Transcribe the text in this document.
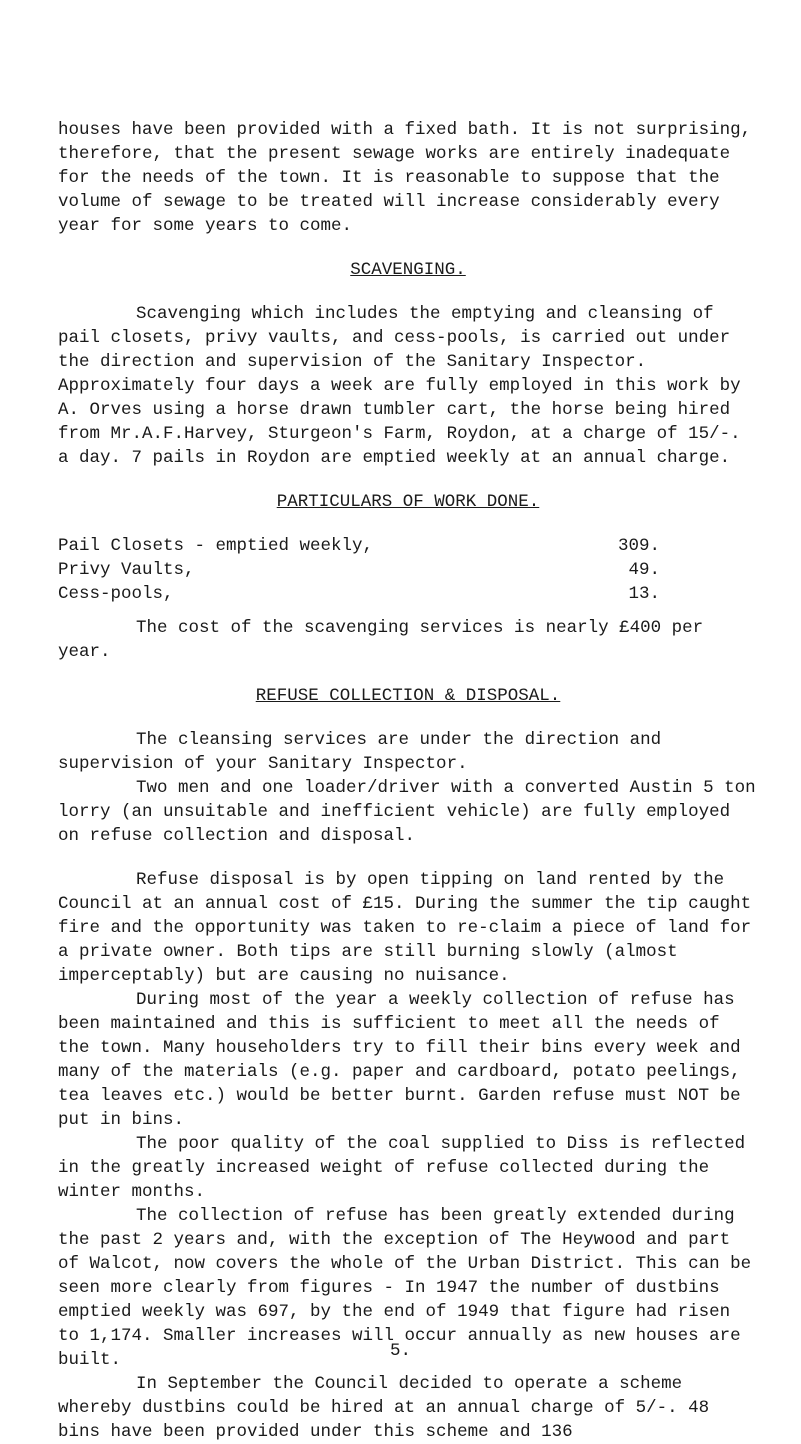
houses have been provided with a fixed bath. It is not surprising, therefore, that the present sewage works are entirely inadequate for the needs of the town. It is reasonable to suppose that the volume of sewage to be treated will increase considerably every year for some years to come.

SCAVENGING.

Scavenging which includes the emptying and cleansing of pail closets, privy vaults, and cess-pools, is carried out under the direction and supervision of the Sanitary Inspector. Approximately four days a week are fully employed in this work by A. Orves using a horse drawn tumbler cart, the horse being hired from Mr.A.F.Harvey, Sturgeon's Farm, Roydon, at a charge of 15/-. a day. 7 pails in Roydon are emptied weekly at an annual charge.

PARTICULARS OF WORK DONE.

Pail Closets - emptied weekly,	309.
Privy Vaults,	49.
Cess-pools,	13.

The cost of the scavenging services is nearly £400 per year.

REFUSE COLLECTION & DISPOSAL.

The cleansing services are under the direction and supervision of your Sanitary Inspector.

Two men and one loader/driver with a converted Austin 5 ton lorry (an unsuitable and inefficient vehicle) are fully employed on refuse collection and disposal.

Refuse disposal is by open tipping on land rented by the Council at an annual cost of £15. During the summer the tip caught fire and the opportunity was taken to re-claim a piece of land for a private owner. Both tips are still burning slowly (almost imperceptably) but are causing no nuisance.

During most of the year a weekly collection of refuse has been maintained and this is sufficient to meet all the needs of the town. Many householders try to fill their bins every week and many of the materials (e.g. paper and cardboard, potato peelings, tea leaves etc.) would be better burnt. Garden refuse must NOT be put in bins.

The poor quality of the coal supplied to Diss is reflected in the greatly increased weight of refuse collected during the winter months.

The collection of refuse has been greatly extended during the past 2 years and, with the exception of The Heywood and part of Walcot, now covers the whole of the Urban District. This can be seen more clearly from figures - In 1947 the number of dustbins emptied weekly was 697, by the end of 1949 that figure had risen to 1,174. Smaller increases will occur annually as new houses are built.

In September the Council decided to operate a scheme whereby dustbins could be hired at an annual charge of 5/-. 48 bins have been provided under this scheme and 136

5.
